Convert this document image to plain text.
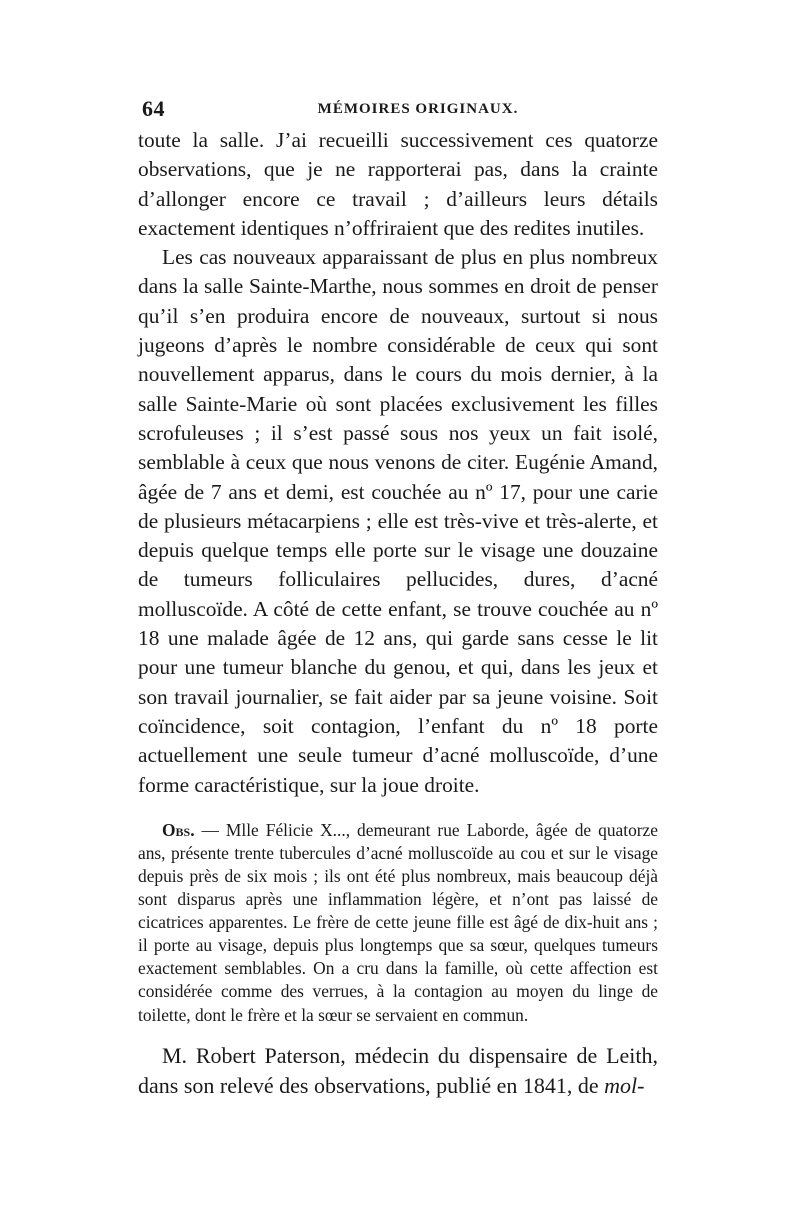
64	MÉMOIRES ORIGINAUX.

toute la salle. J’ai recueilli successivement ces quatorze observations, que je ne rapporterai pas, dans la crainte d’allonger encore ce travail ; d’ailleurs leurs détails exactement identiques n’offriraient que des redites inutiles.

Les cas nouveaux apparaissant de plus en plus nombreux dans la salle Sainte-Marthe, nous sommes en droit de penser qu’il s’en produira encore de nouveaux, surtout si nous jugeons d’après le nombre considérable de ceux qui sont nouvellement apparus, dans le cours du mois dernier, à la salle Sainte-Marie où sont placées exclusivement les filles scrofuleuses ; il s’est passé sous nos yeux un fait isolé, semblable à ceux que nous venons de citer. Eugénie Amand, âgée de 7 ans et demi, est couchée au nº 17, pour une carie de plusieurs métacarpiens ; elle est très-vive et très-alerte, et depuis quelque temps elle porte sur le visage une douzaine de tumeurs folliculaires pellucides, dures, d’acné molluscoïde. A côté de cette enfant, se trouve couchée au nº 18 une malade âgée de 12 ans, qui garde sans cesse le lit pour une tumeur blanche du genou, et qui, dans les jeux et son travail journalier, se fait aider par sa jeune voisine. Soit coïncidence, soit contagion, l’enfant du nº 18 porte actuellement une seule tumeur d’acné molluscoïde, d’une forme caractéristique, sur la joue droite.

Obs. — Mlle Félicie X..., demeurant rue Laborde, âgée de quatorze ans, présente trente tubercules d’acné molluscoïde au cou et sur le visage depuis près de six mois ; ils ont été plus nombreux, mais beaucoup déjà sont disparus après une inflammation légère, et n’ont pas laissé de cicatrices apparentes. Le frère de cette jeune fille est âgé de dix-huit ans ; il porte au visage, depuis plus longtemps que sa sœur, quelques tumeurs exactement semblables. On a cru dans la famille, où cette affection est considérée comme des verrues, à la contagion au moyen du linge de toilette, dont le frère et la sœur se servaient en commun.

M. Robert Paterson, médecin du dispensaire de Leith, dans son relevé des observations, publié en 1841, de mol-
